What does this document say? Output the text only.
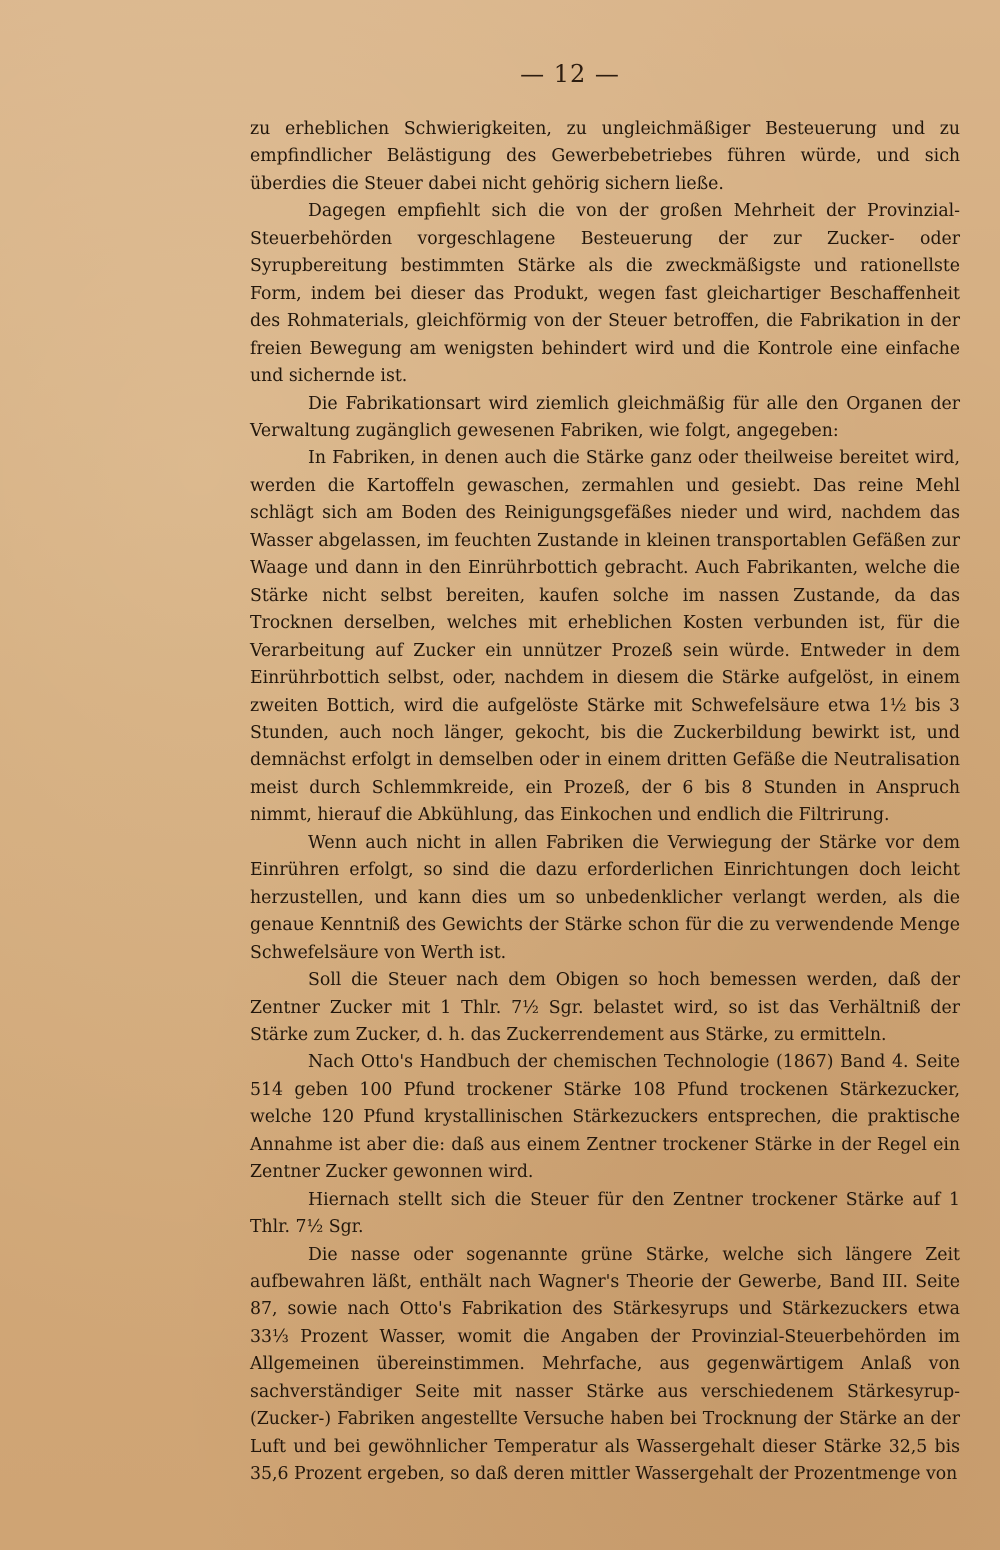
— 12 —

zu erheblichen Schwierigkeiten, zu ungleichmäßiger Besteuerung und zu empfindlicher Belästigung des Gewerbebetriebes führen würde, und sich überdies die Steuer dabei nicht gehörig sichern ließe.

Dagegen empfiehlt sich die von der großen Mehrheit der Provinzial-Steuerbehörden vorgeschlagene Besteuerung der zur Zucker- oder Syrupbereitung bestimmten Stärke als die zweckmäßigste und rationellste Form, indem bei dieser das Produkt, wegen fast gleichartiger Beschaffenheit des Rohmaterials, gleichförmig von der Steuer betroffen, die Fabrikation in der freien Bewegung am wenigsten behindert wird und die Kontrole eine einfache und sichernde ist.

Die Fabrikationsart wird ziemlich gleichmäßig für alle den Organen der Verwaltung zugänglich gewesenen Fabriken, wie folgt, angegeben:

In Fabriken, in denen auch die Stärke ganz oder theilweise bereitet wird, werden die Kartoffeln gewaschen, zermahlen und gesiebt. Das reine Mehl schlägt sich am Boden des Reinigungsgefäßes nieder und wird, nachdem das Wasser abgelassen, im feuchten Zustande in kleinen transportablen Gefäßen zur Waage und dann in den Einrührbottich gebracht. Auch Fabrikanten, welche die Stärke nicht selbst bereiten, kaufen solche im nassen Zustande, da das Trocknen derselben, welches mit erheblichen Kosten verbunden ist, für die Verarbeitung auf Zucker ein unnützer Prozeß sein würde. Entweder in dem Einrührbottich selbst, oder, nachdem in diesem die Stärke aufgelöst, in einem zweiten Bottich, wird die aufgelöste Stärke mit Schwefelsäure etwa 1½ bis 3 Stunden, auch noch länger, gekocht, bis die Zuckerbildung bewirkt ist, und demnächst erfolgt in demselben oder in einem dritten Gefäße die Neutralisation meist durch Schlemmkreide, ein Prozeß, der 6 bis 8 Stunden in Anspruch nimmt, hierauf die Abkühlung, das Einkochen und endlich die Filtrirung.

Wenn auch nicht in allen Fabriken die Verwiegung der Stärke vor dem Einrühren erfolgt, so sind die dazu erforderlichen Einrichtungen doch leicht herzustellen, und kann dies um so unbedenklicher verlangt werden, als die genaue Kenntniß des Gewichts der Stärke schon für die zu verwendende Menge Schwefelsäure von Werth ist.

Soll die Steuer nach dem Obigen so hoch bemessen werden, daß der Zentner Zucker mit 1 Thlr. 7½ Sgr. belastet wird, so ist das Verhältniß der Stärke zum Zucker, d. h. das Zuckerrendement aus Stärke, zu ermitteln.

Nach Otto's Handbuch der chemischen Technologie (1867) Band 4. Seite 514 geben 100 Pfund trockener Stärke 108 Pfund trockenen Stärkezucker, welche 120 Pfund krystallinischen Stärkezuckers entsprechen, die praktische Annahme ist aber die: daß aus einem Zentner trockener Stärke in der Regel ein Zentner Zucker gewonnen wird.

Hiernach stellt sich die Steuer für den Zentner trockener Stärke auf 1 Thlr. 7½ Sgr.

Die nasse oder sogenannte grüne Stärke, welche sich längere Zeit aufbewahren läßt, enthält nach Wagner's Theorie der Gewerbe, Band III. Seite 87, sowie nach Otto's Fabrikation des Stärkesyrups und Stärkezuckers etwa 33⅓ Prozent Wasser, womit die Angaben der Provinzial-Steuerbehörden im Allgemeinen übereinstimmen. Mehrfache, aus gegenwärtigem Anlaß von sachverständiger Seite mit nasser Stärke aus verschiedenem Stärkesyrup- (Zucker-) Fabriken angestellte Versuche haben bei Trocknung der Stärke an der Luft und bei gewöhnlicher Temperatur als Wassergehalt dieser Stärke 32,5 bis 35,6 Prozent ergeben, so daß deren mittler Wassergehalt der Prozentmenge von
